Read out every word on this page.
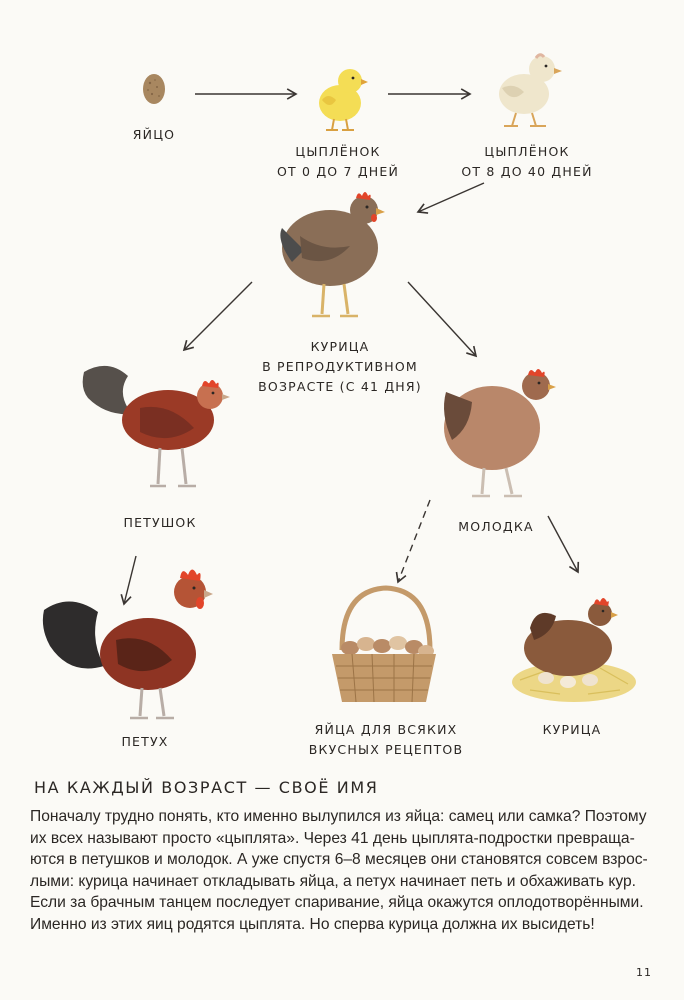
ЯЙЦО
ЦЫПЛЁНОК
ОТ 0 ДО 7 ДНЕЙ
ЦЫПЛЁНОК
ОТ 8 ДО 40 ДНЕЙ
КУРИЦА
В РЕПРОДУКТИВНОМ
ВОЗРАСТЕ (С 41 ДНЯ)
ПЕТУШОК	МОЛОДКА
ПЕТУХ
ЯЙЦА ДЛЯ ВСЯКИХ
ВКУСНЫХ РЕЦЕПТОВ
КУРИЦА
НА КАЖДЫЙ ВОЗРАСТ — СВОЁ ИМЯ
Поначалу трудно понять, кто именно вылупился из яйца: самец или самка? Поэтому
их всех называют просто «цыплята». Через 41 день цыплята-подростки превраща-
ются в петушков и молодок. А уже спустя 6–8 месяцев они становятся совсем взрос-
лыми: курица начинает откладывать яйца, а петух начинает петь и обхаживать кур.
Если за брачным танцем последует спаривание, яйца окажутся оплодотворёнными.
Именно из этих яиц родятся цыплята. Но сперва курица должна их высидеть!
11
